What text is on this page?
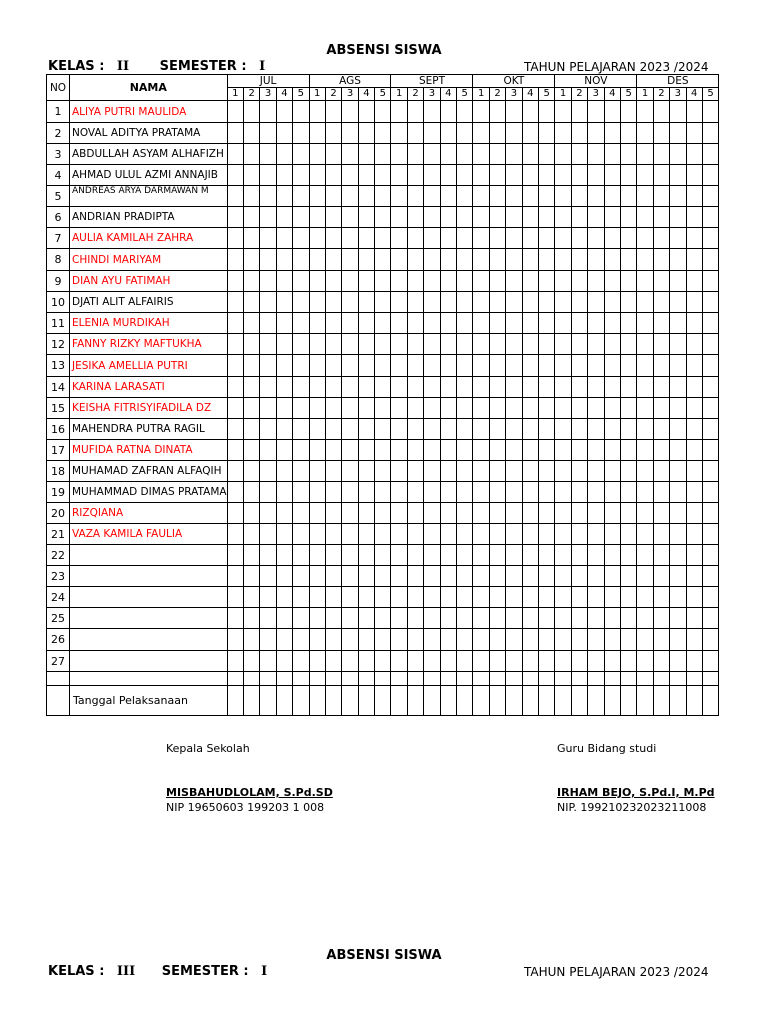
ABSENSI SISWA
KELAS : II SEMESTER : I	TAHUN PELAJARAN 2023 /2024
NO	NAMA	JUL					AGS					SEPT					OKT					NOV					DES				
		1	2	3	4	5	1	2	3	4	5	1	2	3	4	5	1	2	3	4	5	1	2	3	4	5	1	2	3	4	5
1	ALIYA PUTRI MAULIDA																														
2	NOVAL ADITYA PRATAMA																														
3	ABDULLAH ASYAM ALHAFIZH																														
4	AHMAD ULUL AZMI ANNAJIB																														
5	ANDREAS ARYA DARMAWAN M																														
6	ANDRIAN PRADIPTA																														
7	AULIA KAMILAH ZAHRA																														
8	CHINDI MARIYAM																														
9	DIAN AYU FATIMAH																														
10	DJATI ALIT ALFAIRIS																														
11	ELENIA MURDIKAH																														
12	FANNY RIZKY MAFTUKHA																														
13	JESIKA AMELLIA PUTRI																														
14	KARINA LARASATI																														
15	KEISHA FITRISYIFADILA DZ																														
16	MAHENDRA PUTRA RAGIL																														
17	MUFIDA RATNA DINATA																														
18	MUHAMAD ZAFRAN ALFAQIH																														
19	MUHAMMAD DIMAS PRATAMA																														
20	RIZQIANA																														
21	VAZA KAMILA FAULIA																														
22																															
23																															
24																															
25																															
26																															
27																															

	Tanggal Pelaksanaan																														
Kepala Sekolah
MISBAHUDLOLAM, S.Pd.SD
NIP 19650603 199203 1 008
Guru Bidang studi
IRHAM BEJO, S.Pd.I, M.Pd
NIP. 199210232023211008
ABSENSI SISWA
KELAS : III SEMESTER : I	TAHUN PELAJARAN 2023 /2024
